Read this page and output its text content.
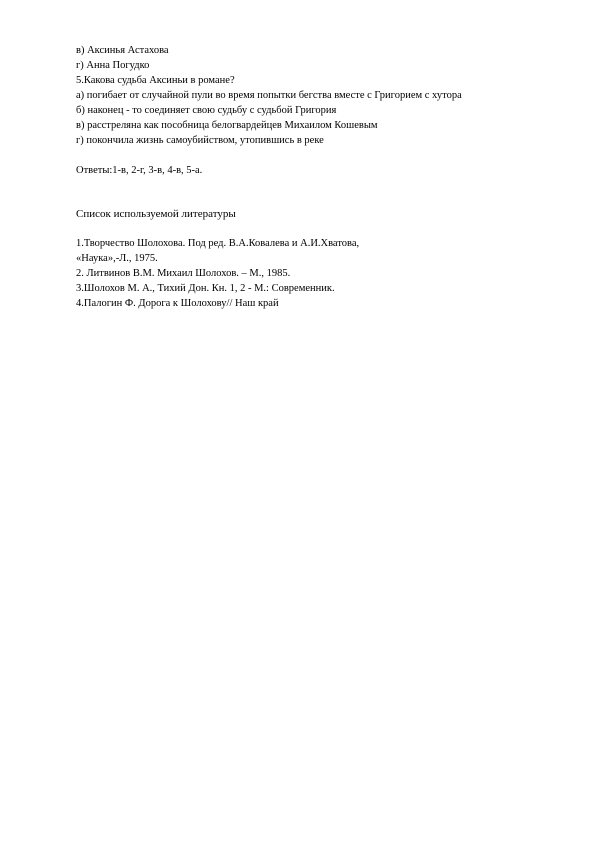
в) Аксинья Астахова
г) Анна Погудко
5.Какова судьба Аксиньи в романе?
а) погибает от случайной пули во время попытки бегства вместе с Григорием с хутора
б) наконец - то соединяет свою судьбу с судьбой Григория
в) расстреляна как пособница белогвардейцев Михаилом Кошевым
г) покончила жизнь самоубийством, утопившись в реке
Ответы:1-в, 2-г, 3-в, 4-в, 5-а.
Список используемой литературы
1.Творчество Шолохова. Под ред. В.А.Ковалева и А.И.Хватова,
«Наука»,-Л., 1975.
2. Литвинов В.М. Михаил Шолохов. – М., 1985.
3.Шолохов М. А., Тихий Дон. Кн. 1, 2 - М.: Современник.
4.Палогин Ф. Дорога к Шолохову// Наш край
